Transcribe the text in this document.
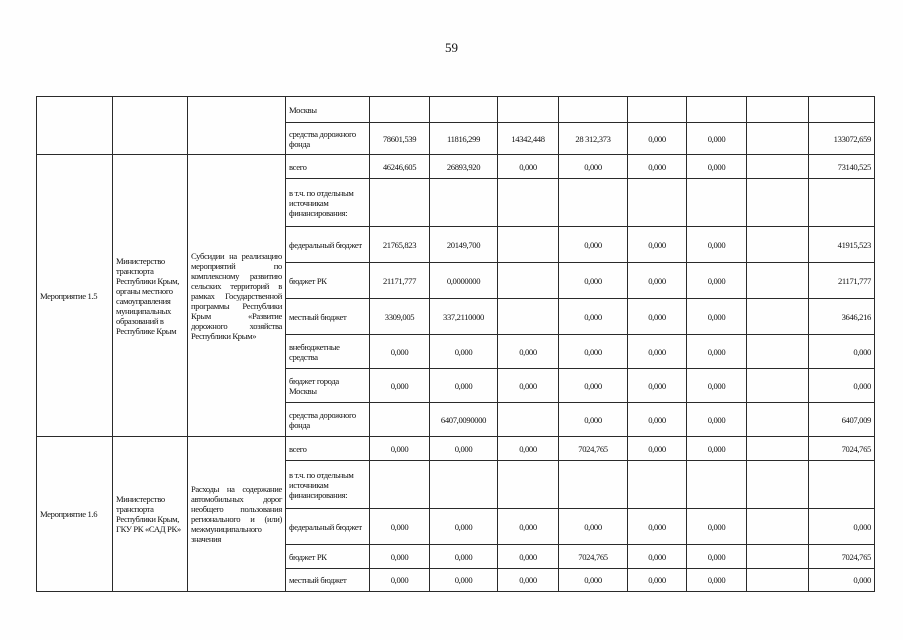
59
			Москвы								
			средства дорожного фонда	78601,539	11816,299	14342,448	28 312,373	0,000	0,000		133072,659
Мероприятие 1.5	Министерство транспорта Республики Крым, органы местного самоуправления муниципальных образований в Республике Крым	Субсидии на реализацию мероприятий по комплексному развитию сельских территорий в рамках Государственной программы Республики Крым «Развитие дорожного хозяйства Республики Крым»	всего	46246,605	26893,920	0,000	0,000	0,000	0,000		73140,525
			в т.ч. по отдельным источникам финансирования:								
			федеральный бюджет	21765,823	20149,700		0,000	0,000	0,000		41915,523
			бюджет РК	21171,777	0,0000000		0,000	0,000	0,000		21171,777
			местный бюджет	3309,005	337,2110000		0,000	0,000	0,000		3646,216
			внебюджетные средства	0,000	0,000	0,000	0,000	0,000	0,000		0,000
			бюджет города Москвы	0,000	0,000	0,000	0,000	0,000	0,000		0,000
			средства дорожного фонда		6407,0090000		0,000	0,000	0,000		6407,009
Мероприятие 1.6	Министерство транспорта Республики Крым, ГКУ РК «САД РК»	Расходы на содержание автомобильных дорог необщего пользования регионального и (или) межмуниципального значения	всего	0,000	0,000	0,000	7024,765	0,000	0,000		7024,765
			в т.ч. по отдельным источникам финансирования:								
			федеральный бюджет	0,000	0,000	0,000	0,000	0,000	0,000		0,000
			бюджет РК	0,000	0,000	0,000	7024,765	0,000	0,000		7024,765
			местный бюджет	0,000	0,000	0,000	0,000	0,000	0,000		0,000
